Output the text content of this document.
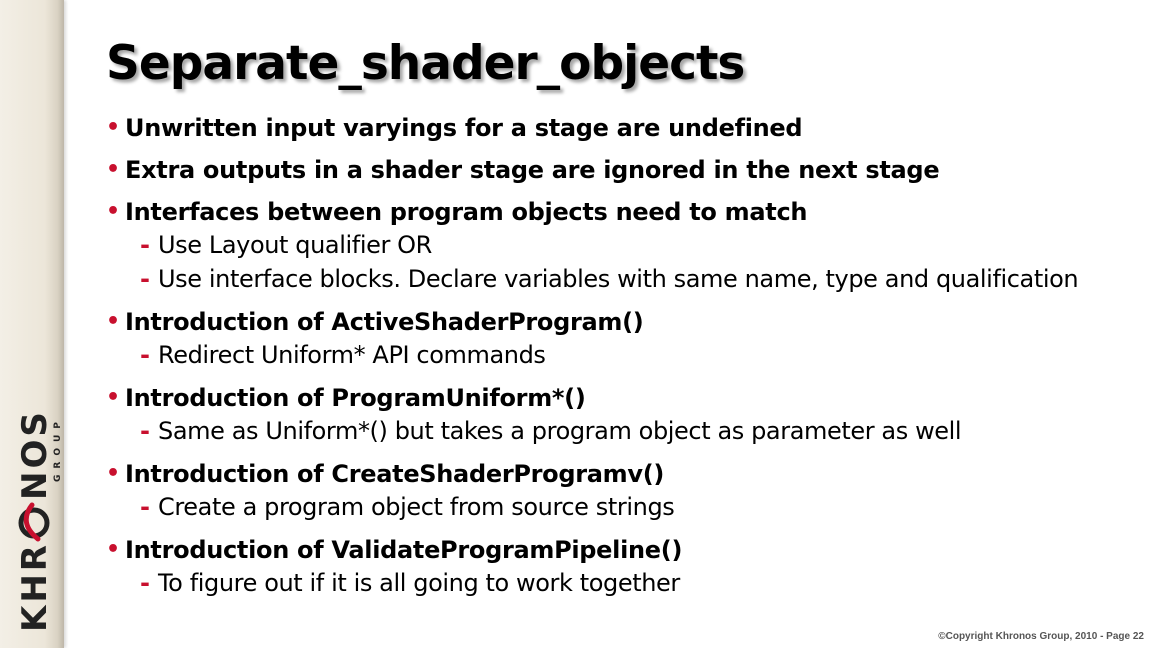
KHR
NOS
GROUP
Separate_shader_objects
• Unwritten input varyings for a stage are undefined
• Extra outputs in a shader stage are ignored in the next stage
• Interfaces between program objects need to match
- Use Layout qualifier OR
- Use interface blocks. Declare variables with same name, type and qualification
• Introduction of ActiveShaderProgram()
- Redirect Uniform* API commands
• Introduction of ProgramUniform*()
- Same as Uniform*() but takes a program object as parameter as well
• Introduction of CreateShaderProgramv()
- Create a program object from source strings
• Introduction of ValidateProgramPipeline()
- To figure out if it is all going to work together
©Copyright Khronos Group, 2010 - Page 22
